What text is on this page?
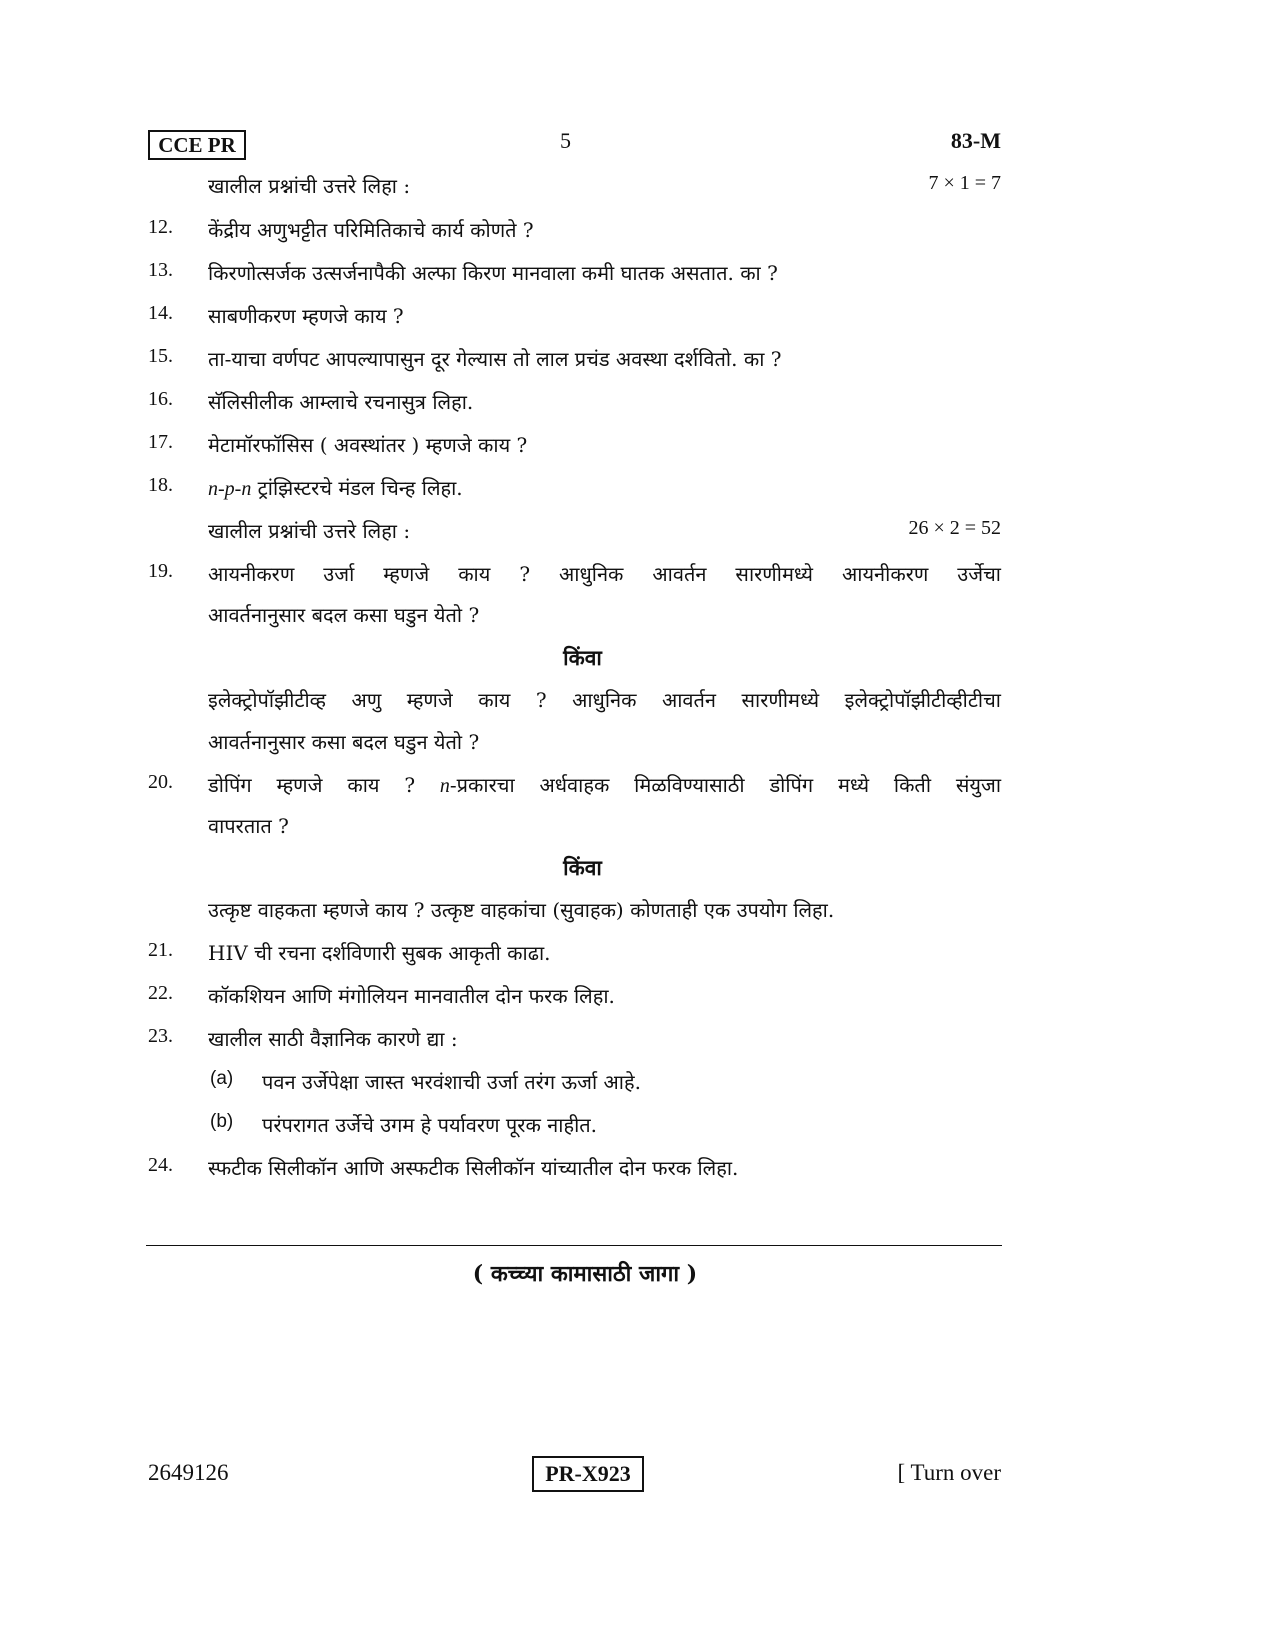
CCE PR	5	83-M
खालील प्रश्नांची उत्तरे लिहा :	7 × 1 = 7
12. केंद्रीय अणुभट्टीत परिमितिकाचे कार्य कोणते ?
13. किरणोत्सर्जक उत्सर्जनापैकी अल्फा किरण मानवाला कमी घातक असतात. का ?
14. साबणीकरण म्हणजे काय ?
15. ता-याचा वर्णपट आपल्यापासुन दूर गेल्यास तो लाल प्रचंड अवस्था दर्शवितो. का ?
16. सॅलिसीलीक आम्लाचे रचनासुत्र लिहा.
17. मेटामॉरफॉसिस ( अवस्थांतर ) म्हणजे काय ?
18. n-p-n ट्रांझिस्टरचे मंडल चिन्ह लिहा.
खालील प्रश्नांची उत्तरे लिहा :	26 × 2 = 52
19. आयनीकरण उर्जा म्हणजे काय ? आधुनिक आवर्तन सारणीमध्ये आयनीकरण उर्जेचा
आवर्तनानुसार बदल कसा घडुन येतो ?
किंवा
इलेक्ट्रोपॉझीटीव्ह अणु म्हणजे काय ? आधुनिक आवर्तन सारणीमध्ये इलेक्ट्रोपॉझीटीव्हीटीचा
आवर्तनानुसार कसा बदल घडुन येतो ?
20. डोपिंग म्हणजे काय ? n-प्रकारचा अर्धवाहक मिळविण्यासाठी डोपिंग मध्ये किती संयुजा
वापरतात ?
किंवा
उत्कृष्ट वाहकता म्हणजे काय ? उत्कृष्ट वाहकांचा (सुवाहक) कोणताही एक उपयोग लिहा.
21. HIV ची रचना दर्शविणारी सुबक आकृती काढा.
22. कॉकशियन आणि मंगोलियन मानवातील दोन फरक लिहा.
23. खालील साठी वैज्ञानिक कारणे द्या :
(a) पवन उर्जेपेक्षा जास्त भरवंशाची उर्जा तरंग ऊर्जा आहे.
(b) परंपरागत उर्जेचे उगम हे पर्यावरण पूरक नाहीत.
24. स्फटीक सिलीकॉन आणि अस्फटीक सिलीकॉन यांच्यातील दोन फरक लिहा.
( कच्च्या कामासाठी जागा )
2649126	PR-X923	[ Turn over
